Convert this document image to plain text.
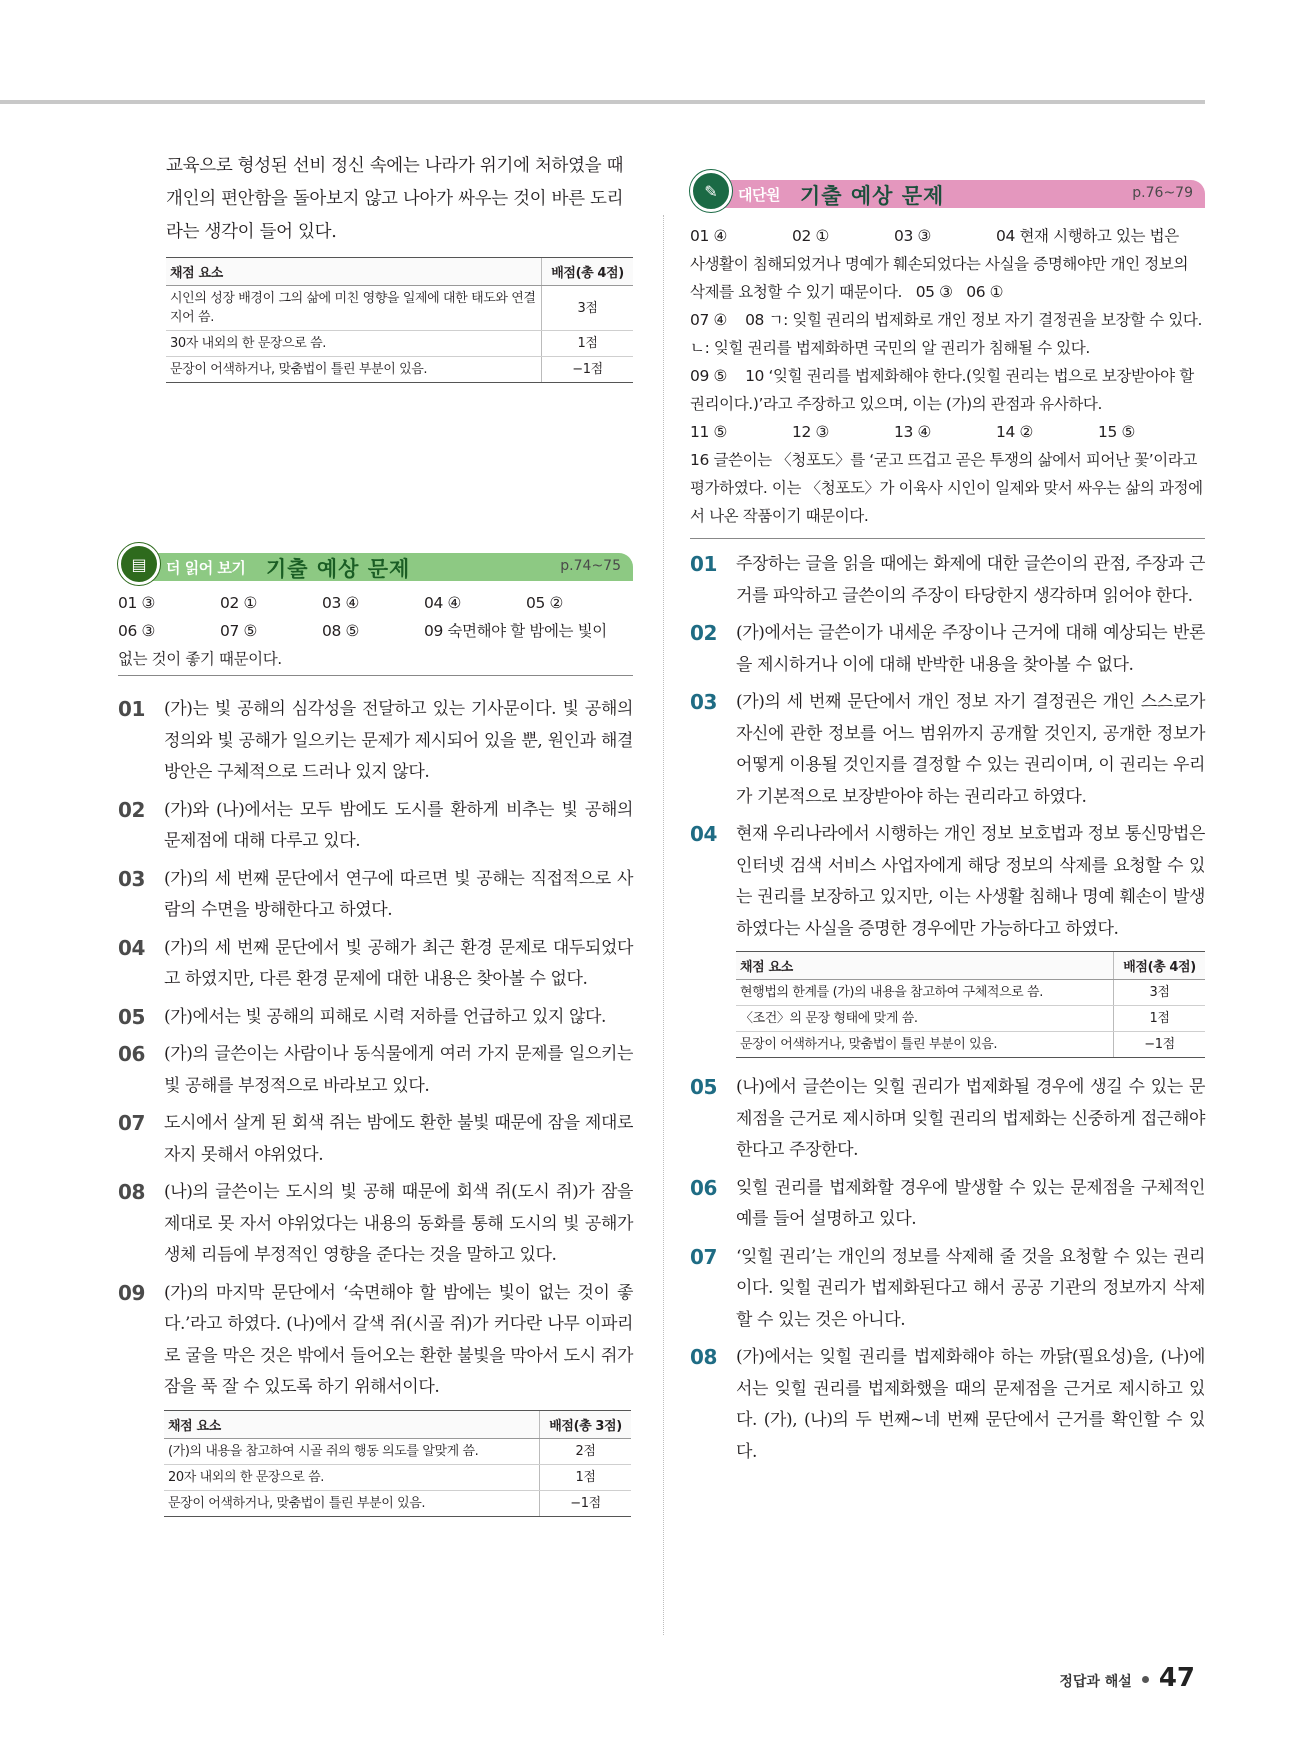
교육으로 형성된 선비 정신 속에는 나라가 위기에 처하였을 때 개인의 편안함을 돌아보지 않고 나아가 싸우는 것이 바른 도리라는 생각이 들어 있다.
채점 요소	배점(총 4점)
시인의 성장 배경이 그의 삶에 미친 영향을 일제에 대한 태도와 연결 지어 씀.	3점
30자 내외의 한 문장으로 씀.	1점
문장이 어색하거나, 맞춤법이 틀린 부분이 있음.	−1점
▤	더 읽어 보기 기출 예상 문제	p.74~75
01 ③	02 ①	03 ④	04 ④	05 ②
06 ③	07 ⑤	08 ⑤	09 숙면해야 할 밤에는 빛이
없는 것이 좋기 때문이다.
01	(가)는 빛 공해의 심각성을 전달하고 있는 기사문이다. 빛 공해의 정의와 빛 공해가 일으키는 문제가 제시되어 있을 뿐, 원인과 해결 방안은 구체적으로 드러나 있지 않다.
02	(가)와 (나)에서는 모두 밤에도 도시를 환하게 비추는 빛 공해의 문제점에 대해 다루고 있다.
03	(가)의 세 번째 문단에서 연구에 따르면 빛 공해는 직접적으로 사람의 수면을 방해한다고 하였다.
04	(가)의 세 번째 문단에서 빛 공해가 최근 환경 문제로 대두되었다고 하였지만, 다른 환경 문제에 대한 내용은 찾아볼 수 없다.
05	(가)에서는 빛 공해의 피해로 시력 저하를 언급하고 있지 않다.
06	(가)의 글쓴이는 사람이나 동식물에게 여러 가지 문제를 일으키는 빛 공해를 부정적으로 바라보고 있다.
07	도시에서 살게 된 회색 쥐는 밤에도 환한 불빛 때문에 잠을 제대로 자지 못해서 야위었다.
08	(나)의 글쓴이는 도시의 빛 공해 때문에 회색 쥐(도시 쥐)가 잠을 제대로 못 자서 야위었다는 내용의 동화를 통해 도시의 빛 공해가 생체 리듬에 부정적인 영향을 준다는 것을 말하고 있다.
09	(가)의 마지막 문단에서 ‘숙면해야 할 밤에는 빛이 없는 것이 좋다.’라고 하였다. (나)에서 갈색 쥐(시골 쥐)가 커다란 나무 이파리로 굴을 막은 것은 밖에서 들어오는 환한 불빛을 막아서 도시 쥐가 잠을 푹 잘 수 있도록 하기 위해서이다.
채점 요소	배점(총 3점)
(가)의 내용을 참고하여 시골 쥐의 행동 의도를 알맞게 씀.	2점
20자 내외의 한 문장으로 씀.	1점
문장이 어색하거나, 맞춤법이 틀린 부분이 있음.	−1점
✎	대단원 기출 예상 문제	p.76~79
01 ④	02 ①	03 ③	04 현재 시행하고 있는 법은
사생활이 침해되었거나 명예가 훼손되었다는 사실을 증명해야만 개인 정보의 삭제를 요청할 수 있기 때문이다. 05 ③ 06 ①
07 ④ 08 ㄱ: 잊힐 권리의 법제화로 개인 정보 자기 결정권을 보장할 수 있다. ㄴ: 잊힐 권리를 법제화하면 국민의 알 권리가 침해될 수 있다.
09 ⑤ 10 ‘잊힐 권리를 법제화해야 한다.(잊힐 권리는 법으로 보장받아야 할 권리이다.)’라고 주장하고 있으며, 이는 (가)의 관점과 유사하다.
11 ⑤	12 ③	13 ④	14 ②	15 ⑤
16 글쓴이는 〈청포도〉를 ‘굳고 뜨겁고 곧은 투쟁의 삶에서 피어난 꽃’이라고 평가하였다. 이는 〈청포도〉가 이육사 시인이 일제와 맞서 싸우는 삶의 과정에서 나온 작품이기 때문이다.
01	주장하는 글을 읽을 때에는 화제에 대한 글쓴이의 관점, 주장과 근거를 파악하고 글쓴이의 주장이 타당한지 생각하며 읽어야 한다.
02	(가)에서는 글쓴이가 내세운 주장이나 근거에 대해 예상되는 반론을 제시하거나 이에 대해 반박한 내용을 찾아볼 수 없다.
03	(가)의 세 번째 문단에서 개인 정보 자기 결정권은 개인 스스로가 자신에 관한 정보를 어느 범위까지 공개할 것인지, 공개한 정보가 어떻게 이용될 것인지를 결정할 수 있는 권리이며, 이 권리는 우리가 기본적으로 보장받아야 하는 권리라고 하였다.
04	현재 우리나라에서 시행하는 개인 정보 보호법과 정보 통신망법은 인터넷 검색 서비스 사업자에게 해당 정보의 삭제를 요청할 수 있는 권리를 보장하고 있지만, 이는 사생활 침해나 명예 훼손이 발생하였다는 사실을 증명한 경우에만 가능하다고 하였다.
채점 요소	배점(총 4점)
현행법의 한계를 (가)의 내용을 참고하여 구체적으로 씀.	3점
〈조건〉의 문장 형태에 맞게 씀.	1점
문장이 어색하거나, 맞춤법이 틀린 부분이 있음.	−1점
05	(나)에서 글쓴이는 잊힐 권리가 법제화될 경우에 생길 수 있는 문제점을 근거로 제시하며 잊힐 권리의 법제화는 신중하게 접근해야 한다고 주장한다.
06	잊힐 권리를 법제화할 경우에 발생할 수 있는 문제점을 구체적인 예를 들어 설명하고 있다.
07	‘잊힐 권리’는 개인의 정보를 삭제해 줄 것을 요청할 수 있는 권리이다. 잊힐 권리가 법제화된다고 해서 공공 기관의 정보까지 삭제할 수 있는 것은 아니다.
08	(가)에서는 잊힐 권리를 법제화해야 하는 까닭(필요성)을, (나)에서는 잊힐 권리를 법제화했을 때의 문제점을 근거로 제시하고 있다. (가), (나)의 두 번째~네 번째 문단에서 근거를 확인할 수 있다.
정답과 해설 47
